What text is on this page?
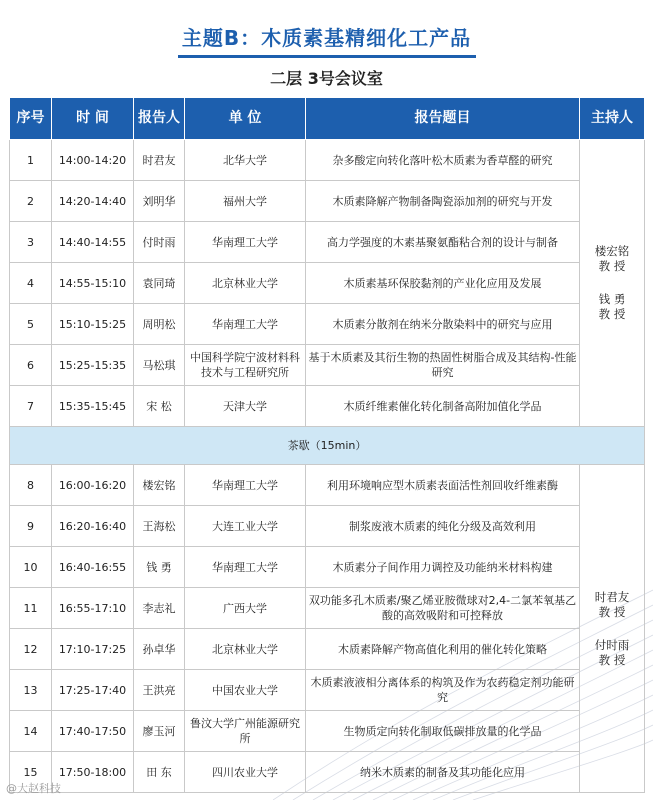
主题B：木质素基精细化工产品
二层 3号会议室
序号	时 间	报告人	单 位	报告题目	主持人
1	14:00-14:20	时君友	北华大学	杂多酸定向转化落叶松木质素为香草醛的研究	楼宏铭
教 授
钱 勇
教 授

2	14:20-14:40	刘明华	福州大学	木质素降解产物制备陶瓷添加剂的研究与开发	
3	14:40-14:55	付时雨	华南理工大学	高力学强度的木素基聚氨酯粘合剂的设计与制备	
4	14:55-15:10	袁同琦	北京林业大学	木质素基环保胶黏剂的产业化应用及发展	
5	15:10-15:25	周明松	华南理工大学	木质素分散剂在纳米分散染料中的研究与应用	
6	15:25-15:35	马松琪	中国科学院宁波材料科技术与工程研究所	基于木质素及其衍生物的热固性树脂合成及其结构-性能研究	
7	15:35-15:45	宋 松	天津大学	木质纤维素催化转化制备高附加值化学品	
茶歇（15min）					
8	16:00-16:20	楼宏铭	华南理工大学	利用环境响应型木质素表面活性剂回收纤维素酶	时君友
教 授
付时雨
教 授

9	16:20-16:40	王海松	大连工业大学	制浆废液木质素的纯化分级及高效利用	
10	16:40-16:55	钱 勇	华南理工大学	木质素分子间作用力调控及功能纳米材料构建	
11	16:55-17:10	李志礼	广西大学	双功能多孔木质素/聚乙烯亚胺微球对2,4-二氯苯氧基乙酸的高效吸附和可控释放	
12	17:10-17:25	孙卓华	北京林业大学	木质素降解产物高值化利用的催化转化策略	
13	17:25-17:40	王洪亮	中国农业大学	木质素液液相分离体系的构筑及作为农药稳定剂功能研究	
14	17:40-17:50	廖玉河	鲁汶大学广州能源研究所	生物质定向转化制取低碳排放量的化学品	
15	17:50-18:00	田 东	四川农业大学	纳米木质素的制备及其功能化应用	
@大赵科技
